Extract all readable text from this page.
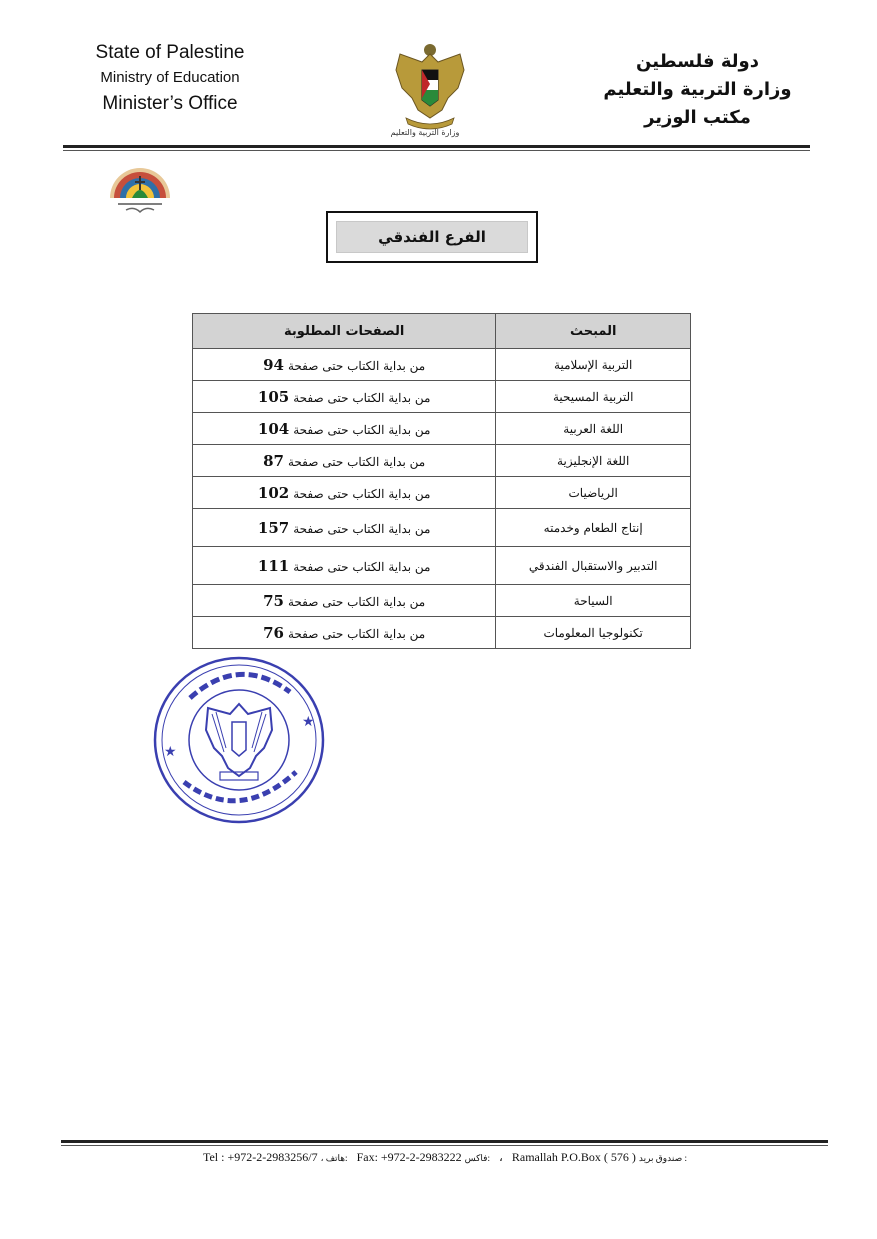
State of Palestine
Ministry of Education
Minister’s Office
وزارة التربية والتعليم
دولة فلسطين
وزارة التربية والتعليم
مكتب الوزير
الفرع الفندقي
المبحث	الصفحات المطلوبة
التربية الإسلامية	من بداية الكتاب حتى صفحة94
التربية المسيحية	من بداية الكتاب حتى صفحة105
اللغة العربية	من بداية الكتاب حتى صفحة104
اللغة الإنجليزية	من بداية الكتاب حتى صفحة87
الرياضيات	من بداية الكتاب حتى صفحة102
إنتاج الطعام وخدمته	من بداية الكتاب حتى صفحة157
التدبير والاستقبال الفندقي	من بداية الكتاب حتى صفحة111
السياحة	من بداية الكتاب حتى صفحة75
تكنولوجيا المعلومات	من بداية الكتاب حتى صفحة76
★
★
Tel : +972-2-2983256/7 ، هاتف: Fax: +972-2-2983222 فاكس:   ،   Ramallah P.O.Box ( 576 ) صندوق بريد :
